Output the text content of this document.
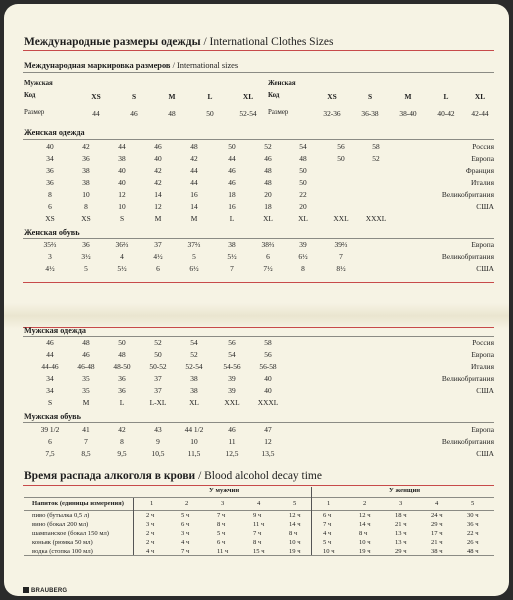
Международные размеры одежды / International Clothes Sizes
Международная маркировка размеров / International sizes
Мужская
Код
Размер
XS	S	M	L	XL
44	46	48	50	52-54
Женская
Код
Размер
XS	S	M	L	XL
32-36	36-38	38-40	40-42 42-44
Женская одежда
40	42	44	46	48	50	52	54	56	58	Россия
34	36	38	40	42	44	46	48	50	52	Европа
36	38	40	42	44	46	48	50	Франция
36	38	40	42	44	46	48	50	Италия
8	10	12	14	16	18	20	22	Великобритания
6	8	10	12	14	16	18	20	США
XS	XS	S	M	M	L	XL	XL	XXL XXXL
Женская обувь
35⅔	36	36⅔	37	37⅔	38	38⅔	39	39⅔	Европа
3	3½	4	4½	5	5½	6	6½	7	Великобритания
4½	5	5½	6	6½	7	7½	8	8½	США
Мужская одежда
46	48	50	52	54	56	58	Россия
44	46	48	50	52	54	56	Европа
44-46	46-48	48-50	50-52	52-54	54-56	56-58	Италия
34	35	36	37	38	39	40	Великобритания
34	35	36	37	38	39	40	США
S	M	L	L-XL	XL	XXL XXXL
Мужская обувь
39 1/2	41	42	43	44 1/2	46	47	Европа
6	7	8	9	10	11	12	Великобритания
7,5	8,5	9,5	10,5	11,5	12,5	13,5	США
Время распада алкоголя в крови / Blood alcohol decay time
У мужчин	У женщин
Напиток (единицы измерения)	1	2	3	4	5	1	2	3	4	5
пиво (бутылка 0,5 л)	2 ч	5 ч	7 ч	9 ч	12 ч	6 ч	12 ч	18 ч	24 ч	30 ч
вино (бокал 200 мл)	3 ч	6 ч	8 ч	11 ч	14 ч	7 ч	14 ч	21 ч	29 ч	36 ч
шампанское (бокал 150 мл)	2 ч	3 ч	5 ч	7 ч	8 ч	4 ч	8 ч	13 ч	17 ч	22 ч
коньяк (рюмка 50 мл)	2 ч	4 ч	6 ч	8 ч	10 ч	5 ч	10 ч	13 ч	21 ч	26 ч
водка (стопка 100 мл)	4 ч	7 ч	11 ч	15 ч	19 ч	10 ч	19 ч	29 ч	38 ч	48 ч
BRAUBERG
